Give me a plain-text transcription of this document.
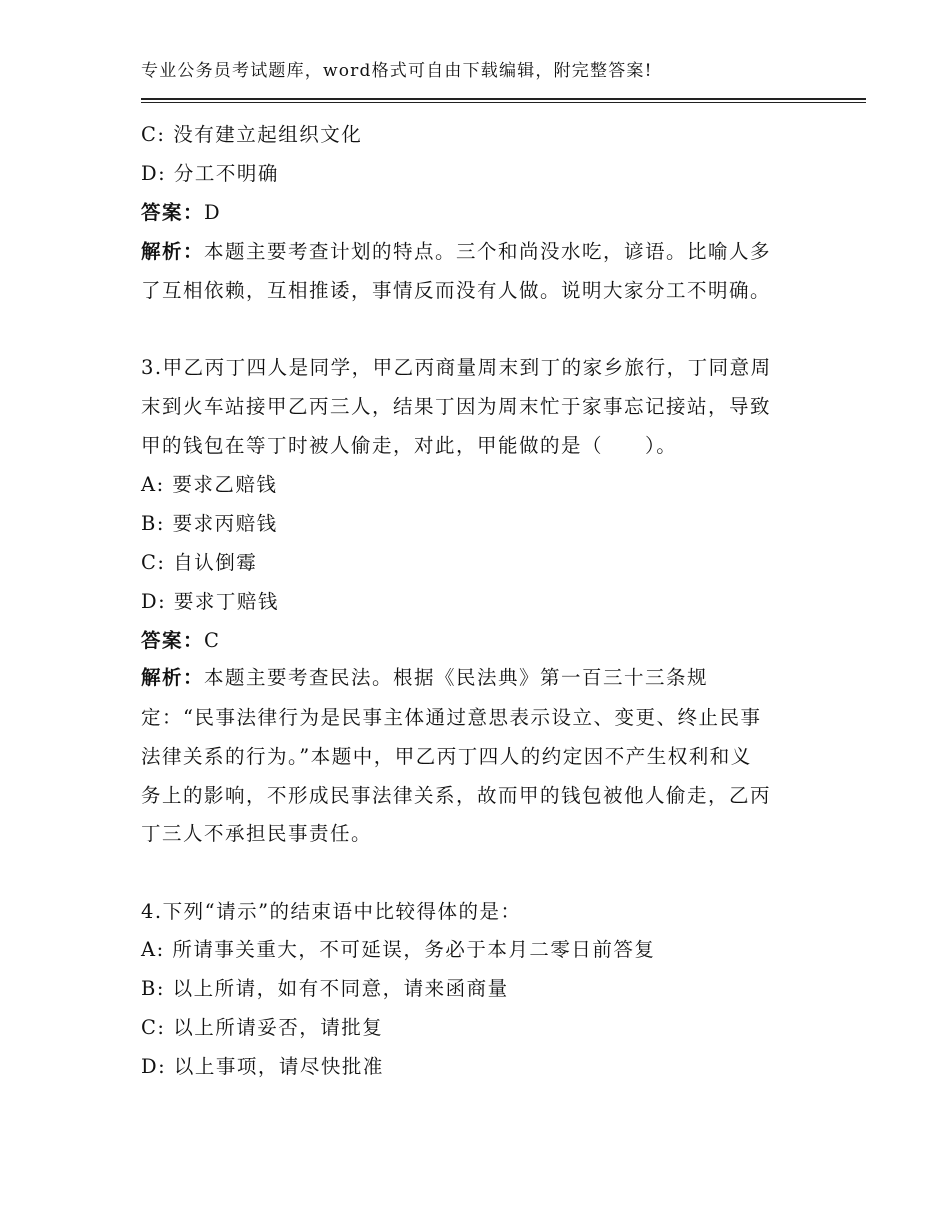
专业公务员考试题库，word格式可自由下载编辑，附完整答案!
C: 没有建立起组织文化
D: 分工不明确
答案：D
解析：本题主要考查计划的特点。三个和尚没水吃，谚语。比喻人多
了互相依赖，互相推诿，事情反而没有人做。说明大家分工不明确。
3.甲乙丙丁四人是同学，甲乙丙商量周末到丁的家乡旅行，丁同意周
末到火车站接甲乙丙三人，结果丁因为周末忙于家事忘记接站，导致
甲的钱包在等丁时被人偷走，对此，甲能做的是（　　）。
A: 要求乙赔钱
B: 要求丙赔钱
C: 自认倒霉
D: 要求丁赔钱
答案：C
解析：本题主要考查民法。根据《民法典》第一百三十三条规
定：“民事法律行为是民事主体通过意思表示设立、变更、终止民事
法律关系的行为。”本题中，甲乙丙丁四人的约定因不产生权利和义
务上的影响，不形成民事法律关系，故而甲的钱包被他人偷走，乙丙
丁三人不承担民事责任。
4.下列“请示”的结束语中比较得体的是：
A: 所请事关重大，不可延误，务必于本月二零日前答复
B: 以上所请，如有不同意，请来函商量
C: 以上所请妥否，请批复
D: 以上事项，请尽快批准
